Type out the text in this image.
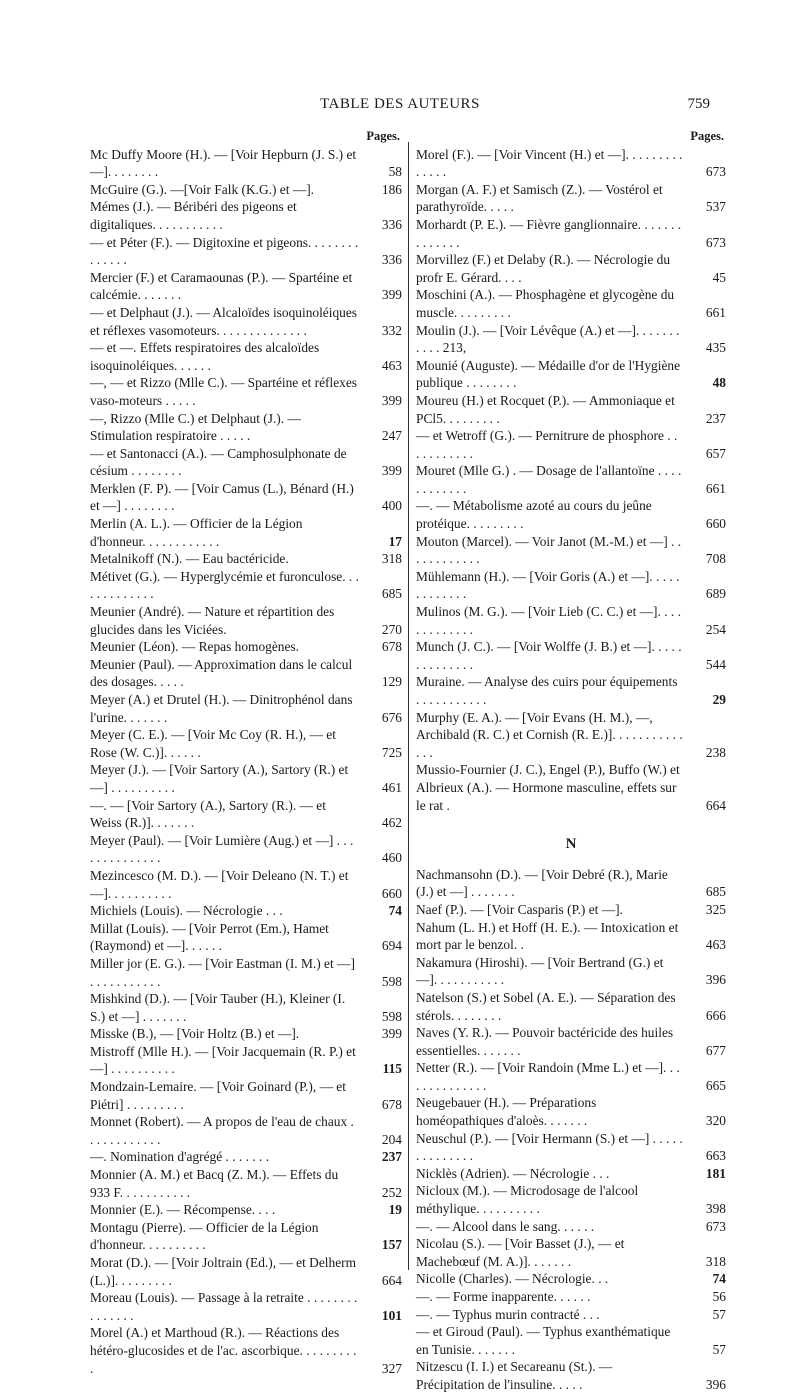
TABLE DES AUTEURS	759
Pages.
Mc Duffy Moore (H.). — [Voir Hepburn (J. S.) et —]. . . . . . . .	58
McGuire (G.). —[Voir Falk (K.G.) et —].	186
Mémes (J.). — Béribéri des pigeons et digitaliques. . . . . . . . . . .	336
— et Péter (F.). — Digitoxine et pigeons. . . . . . . . . . . . . .	336
Mercier (F.) et Caramaounas (P.). — Spartéine et calcémie. . . . . . .	399
— et Delphaut (J.). — Alcaloïdes isoquinoléiques et réflexes vasomoteurs. . . . . . . . . . . . . .	332
— et —. Effets respiratoires des alcaloïdes isoquinoléiques. . . . . .	463
—, — et Rizzo (Mlle C.). — Spartéine et réflexes vaso-moteurs . . . . .	399
—, Rizzo (Mlle C.) et Delphaut (J.). — Stimulation respiratoire . . . . .	247
— et Santonacci (A.). — Camphosulphonate de césium . . . . . . . .	399
Merklen (F. P). — [Voir Camus (L.), Bénard (H.) et —] . . . . . . . .	400
Merlin (A. L.). — Officier de la Légion d'honneur. . . . . . . . . . . .	17
Metalnikoff (N.). — Eau bactéricide.	318
Métivet (G.). — Hyperglycémie et furonculose. . . . . . . . . . . . .	685
Meunier (André). — Nature et répartition des glucides dans les Viciées.	270
Meunier (Léon). — Repas homogènes.	678
Meunier (Paul). — Approximation dans le calcul des dosages. . . . .	129
Meyer (A.) et Drutel (H.). — Dinitrophénol dans l'urine. . . . . . .	676
Meyer (C. E.). — [Voir Mc Coy (R. H.), — et Rose (W. C.)]. . . . . .	725
Meyer (J.). — [Voir Sartory (A.), Sartory (R.) et —] . . . . . . . . . .	461
—. — [Voir Sartory (A.), Sartory (R.). — et Weiss (R.)]. . . . . . .	462
Meyer (Paul). — [Voir Lumière (Aug.) et —] . . . . . . . . . . . . . .	460
Mezincesco (M. D.). — [Voir Deleano (N. T.) et —]. . . . . . . . . .	660
Michiels (Louis). — Nécrologie . . .	74
Millat (Louis). — [Voir Perrot (Em.), Hamet (Raymond) et —]. . . . . .	694
Miller jor (E. G.). — [Voir Eastman (I. M.) et —] . . . . . . . . . . .	598
Mishkind (D.). — [Voir Tauber (H.), Kleiner (I. S.) et —] . . . . . . .	598
Misske (B.), — [Voir Holtz (B.) et —].	399
Mistroff (Mlle H.). — [Voir Jacquemain (R. P.) et —] . . . . . . . . . .	115
Mondzain-Lemaire. — [Voir Goinard (P.), — et Piétri] . . . . . . . . .	678
Monnet (Robert). — A propos de l'eau de chaux . . . . . . . . . . . .	204
—. Nomination d'agrégé . . . . . . .	237
Monnier (A. M.) et Bacq (Z. M.). — Effets du 933 F. . . . . . . . . . .	252
Monnier (E.). — Récompense. . . .	19
Montagu (Pierre). — Officier de la Légion d'honneur. . . . . . . . . .	157
Morat (D.). — [Voir Joltrain (Ed.), — et Delherm (L.)]. . . . . . . . .	664
Moreau (Louis). — Passage à la retraite . . . . . . . . . . . . . . .	101
Morel (A.) et Marthoud (R.). — Réactions des hétéro-glucosides et de l'ac. ascorbique. . . . . . . . . .	327
Pages.
Morel (F.). — [Voir Vincent (H.) et —]. . . . . . . . . . . . . .	673
Morgan (A. F.) et Samisch (Z.). — Vostérol et parathyroïde. . . . .	537
Morhardt (P. E.). — Fièvre ganglionnaire. . . . . . . . . . . . . .	673
Morvillez (F.) et Delaby (R.). — Nécrologie du profr E. Gérard. . . .	45
Moschini (A.). — Phosphagène et glycogène du muscle. . . . . . . . .	661
Moulin (J.). — [Voir Lévêque (A.) et —]. . . . . . . . . . . 213,	435
Mounié (Auguste). — Médaille d'or de l'Hygiène publique . . . . . . . .	48
Moureu (H.) et Rocquet (P.). — Ammoniaque et PCl5. . . . . . . . .	237
— et Wetroff (G.). — Pernitrure de phosphore . . . . . . . . . . .	657
Mouret (Mlle G.) . — Dosage de l'allantoïne . . . . . . . . . . . .	661
—. — Métabolisme azoté au cours du jeûne protéique. . . . . . . . .	660
Mouton (Marcel). — Voir Janot (M.-M.) et —] . . . . . . . . . . . .	708
Mühlemann (H.). — [Voir Goris (A.) et —]. . . . . . . . . . . . .	689
Mulinos (M. G.). — [Voir Lieb (C. C.) et —]. . . . . . . . . . . . .	254
Munch (J. C.). — [Voir Wolffe (J. B.) et —]. . . . . . . . . . . . . .	544
Muraine. — Analyse des cuirs pour équipements . . . . . . . . . . .	29
Murphy (E. A.). — [Voir Evans (H. M.), —, Archibald (R. C.) et Cornish (R. E.)]. . . . . . . . . . . . . .	238
Mussio-Fournier (J. C.), Engel (P.), Buffo (W.) et Albrieux (A.). — Hormone masculine, effets sur le rat .	664
N
Nachmansohn (D.). — [Voir Debré (R.), Marie (J.) et —] . . . . . . .	685
Naef (P.). — [Voir Casparis (P.) et —].	325
Nahum (L. H.) et Hoff (H. E.). — Intoxication et mort par le benzol. .	463
Nakamura (Hiroshi). — [Voir Bertrand (G.) et —]. . . . . . . . . . .	396
Natelson (S.) et Sobel (A. E.). — Séparation des stérols. . . . . . . .	666
Naves (Y. R.). — Pouvoir bactéricide des huiles essentielles. . . . . . .	677
Netter (R.). — [Voir Randoin (Mme L.) et —]. . . . . . . . . . . . . .	665
Neugebauer (H.). — Préparations homéopathiques d'aloès. . . . . . .	320
Neuschul (P.). — [Voir Hermann (S.) et —] . . . . . . . . . . . . . .	663
Nicklès (Adrien). — Nécrologie . . .	181
Nicloux (M.). — Microdosage de l'alcool méthylique. . . . . . . . . .	398
—. — Alcool dans le sang. . . . . .	673
Nicolau (S.). — [Voir Basset (J.), — et Machebœuf (M. A.)]. . . . . . .	318
Nicolle (Charles). — Nécrologie. . .	74
—. — Forme inapparente. . . . . .	56
—. — Typhus murin contracté . . .	57
— et Giroud (Paul). — Typhus exanthématique en Tunisie. . . . . . .	57
Nitzescu (I. I.) et Secareanu (St.). — Précipitation de l'insuline. . . . .	396
